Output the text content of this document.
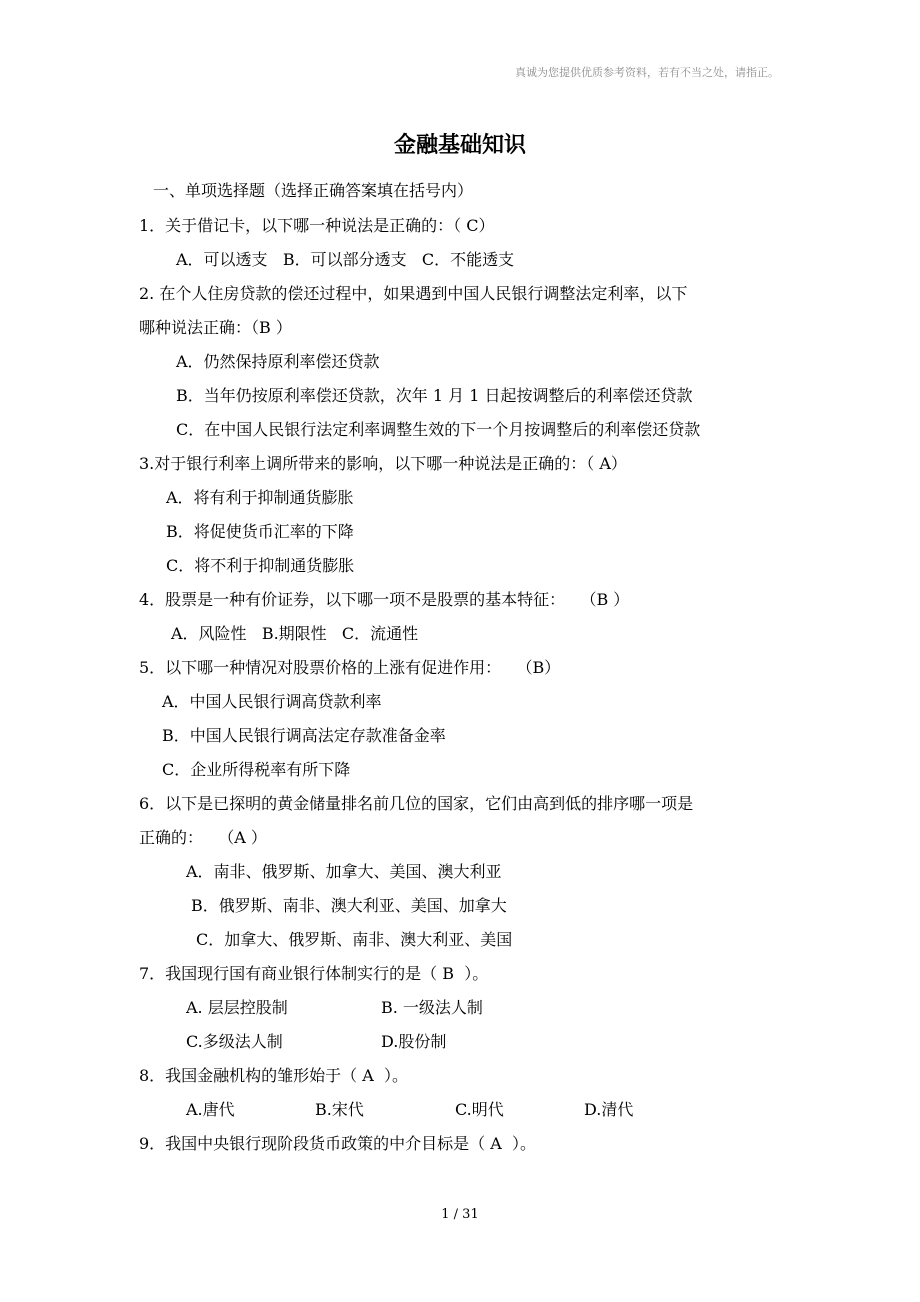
真诚为您提供优质参考资料，若有不当之处，请指正。
金融基础知识
一、单项选择题（选择正确答案填在括号内）
1．关于借记卡，以下哪一种说法是正确的：（ C）
A．可以透支   B．可以部分透支   C．不能透支
2. 在个人住房贷款的偿还过程中，如果遇到中国人民银行调整法定利率，以下
哪种说法正确：（B ）
A．仍然保持原利率偿还贷款
B．当年仍按原利率偿还贷款，次年 1 月 1 日起按调整后的利率偿还贷款
C．在中国人民银行法定利率调整生效的下一个月按调整后的利率偿还贷款
3.对于银行利率上调所带来的影响，以下哪一种说法是正确的：（ A）
A．将有利于抑制通货膨胀
B．将促使货币汇率的下降
C．将不利于抑制通货膨胀
4．股票是一种有价证券，以下哪一项不是股票的基本特征：   （B ）
A．风险性   B.期限性   C．流通性
5．以下哪一种情况对股票价格的上涨有促进作用：   （B）
A．中国人民银行调高贷款利率
B．中国人民银行调高法定存款准备金率
C．企业所得税率有所下降
6．以下是已探明的黄金储量排名前几位的国家，它们由高到低的排序哪一项是
正确的：   （A ）
A．南非、俄罗斯、加拿大、美国、澳大利亚
B．俄罗斯、南非、澳大利亚、美国、加拿大
C．加拿大、俄罗斯、南非、澳大利亚、美国
7．我国现行国有商业银行体制实行的是（ B  ）。
A. 层层控股制	B. 一级法人制
C.多级法人制	D.股份制
8．我国金融机构的雏形始于（ A  ）。
A.唐代	B.宋代	C.明代	D.清代
9．我国中央银行现阶段货币政策的中介目标是（ A  ）。
1 / 31
